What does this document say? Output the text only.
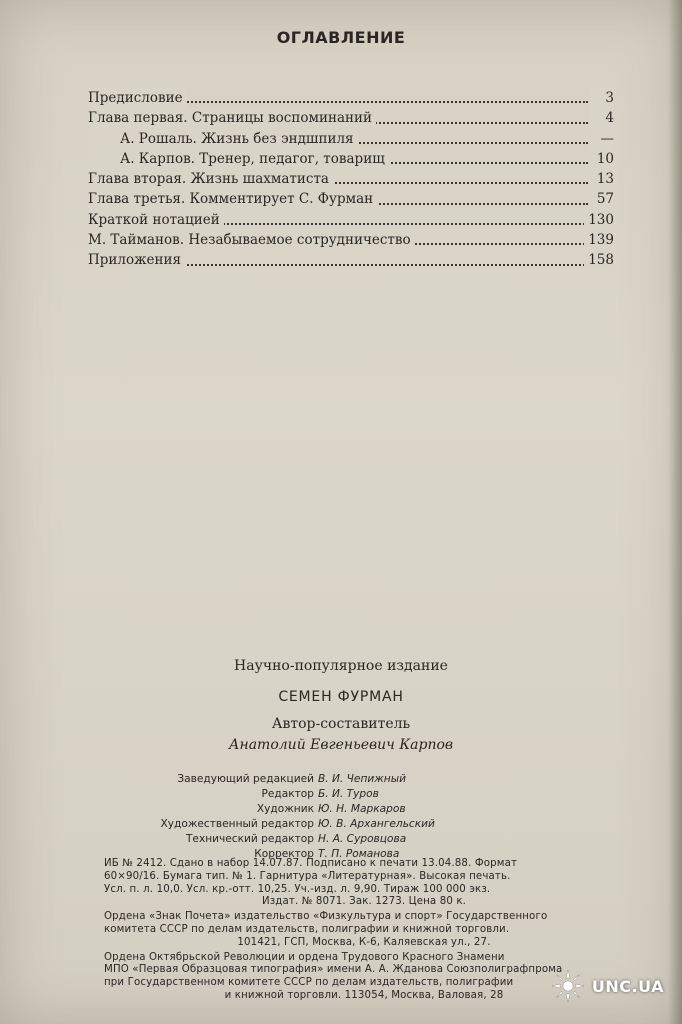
ОГЛАВЛЕНИЕ
Предисловие	3
Глава первая. Страницы воспоминаний	4
А. Рошаль. Жизнь без эндшпиля	—
А. Карпов. Тренер, педагог, товарищ	10
Глава вторая. Жизнь шахматиста	13
Глава третья. Комментирует С. Фурман	57
Краткой нотацией	130
М. Тайманов. Незабываемое сотрудничество	139
Приложения	158
Научно-популярное издание
СЕМЕН ФУРМАН
Автор-составитель
Анатолий Евгеньевич Карпов
Заведующий редакцией В. И. Чепижный
Редактор Б. И. Туров
Художник Ю. Н. Маркаров
Художественный редактор Ю. В. Архангельский
Технический редактор Н. А. Суровцова
Корректор Т. П. Романова
ИБ № 2412. Сдано в набор 14.07.87. Подписано к печати 13.04.88. Формат
60×90/16. Бумага тип. № 1. Гарнитура «Литературная». Высокая печать.
Усл. п. л. 10,0. Усл. кр.-отт. 10,25. Уч.-изд. л. 9,90. Тираж 100 000 экз.
Издат. № 8071. Зак. 1273. Цена 80 к.
Ордена «Знак Почета» издательство «Физкультура и спорт» Государственного
комитета СССР по делам издательств, полиграфии и книжной торговли.
101421, ГСП, Москва, К-6, Каляевская ул., 27.
Ордена Октябрьской Революции и ордена Трудового Красного Знамени
МПО «Первая Образцовая типография» имени А. А. Жданова Союзполиграфпрома
при Государственном комитете СССР по делам издательств, полиграфии
и книжной торговли. 113054, Москва, Валовая, 28	UNC.UA
